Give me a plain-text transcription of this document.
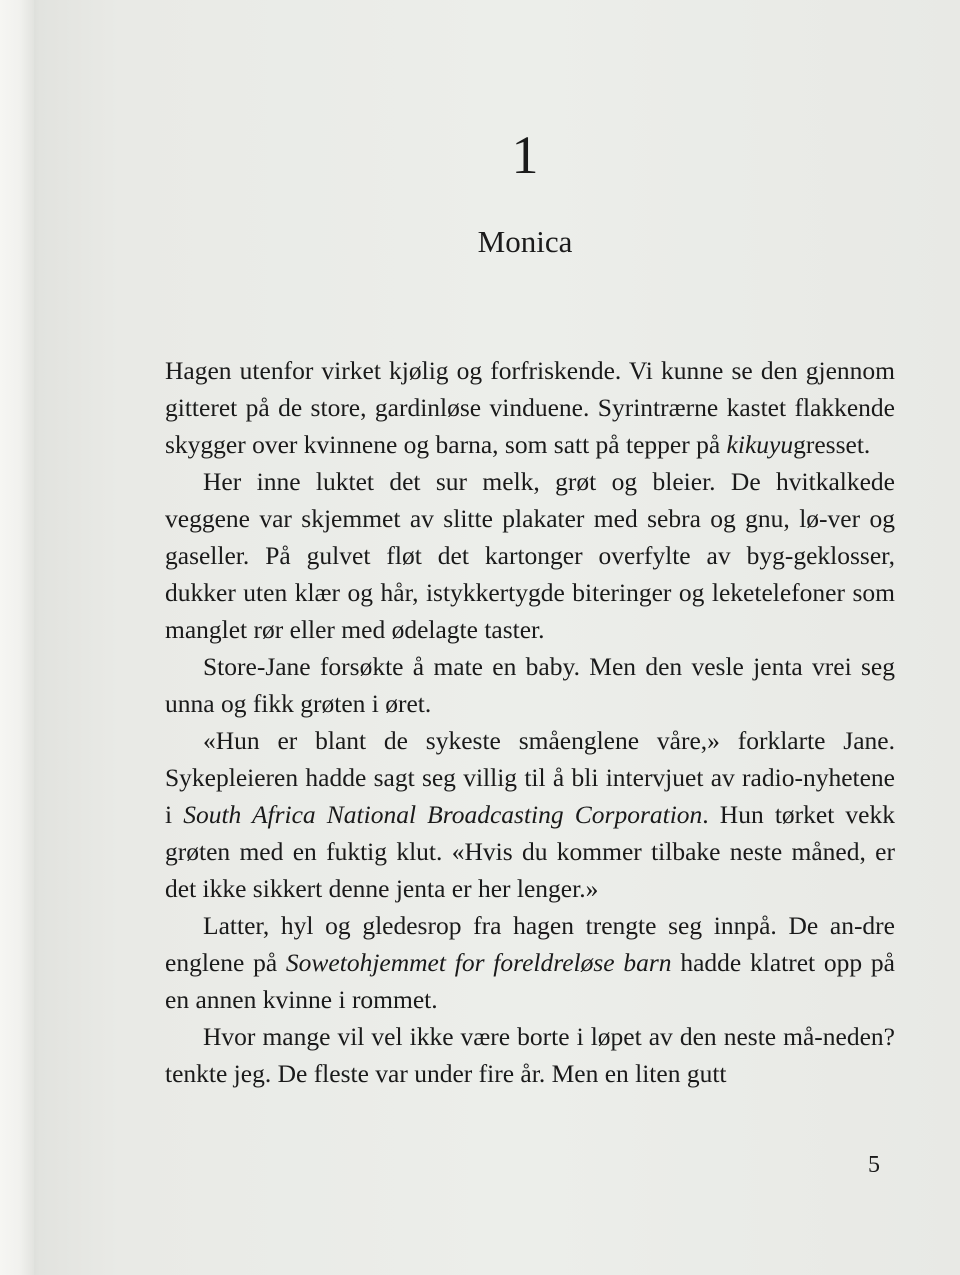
1
Monica

Hagen utenfor virket kjølig og forfriskende. Vi kunne se den gjennom gitteret på de store, gardinløse vinduene. Syrintrærne kastet flakkende skygger over kvinnene og barna, som satt på tepper på kikuyugresset.

Her inne luktet det sur melk, grøt og bleier. De hvitkalkede veggene var skjemmet av slitte plakater med sebra og gnu, lø-ver og gaseller. På gulvet fløt det kartonger overfylte av byg-geklosser, dukker uten klær og hår, istykkertygde biteringer og leketelefoner som manglet rør eller med ødelagte taster.

Store-Jane forsøkte å mate en baby. Men den vesle jenta vrei seg unna og fikk grøten i øret.

«Hun er blant de sykeste småenglene våre,» forklarte Jane. Sykepleieren hadde sagt seg villig til å bli intervjuet av radio-nyhetene i South Africa National Broadcasting Corporation. Hun tørket vekk grøten med en fuktig klut. «Hvis du kommer tilbake neste måned, er det ikke sikkert denne jenta er her lenger.»

Latter, hyl og gledesrop fra hagen trengte seg innpå. De an-dre englene på Sowetohjemmet for foreldreløse barn hadde klatret opp på en annen kvinne i rommet.

Hvor mange vil vel ikke være borte i løpet av den neste må-neden? tenkte jeg. De fleste var under fire år. Men en liten gutt

5
